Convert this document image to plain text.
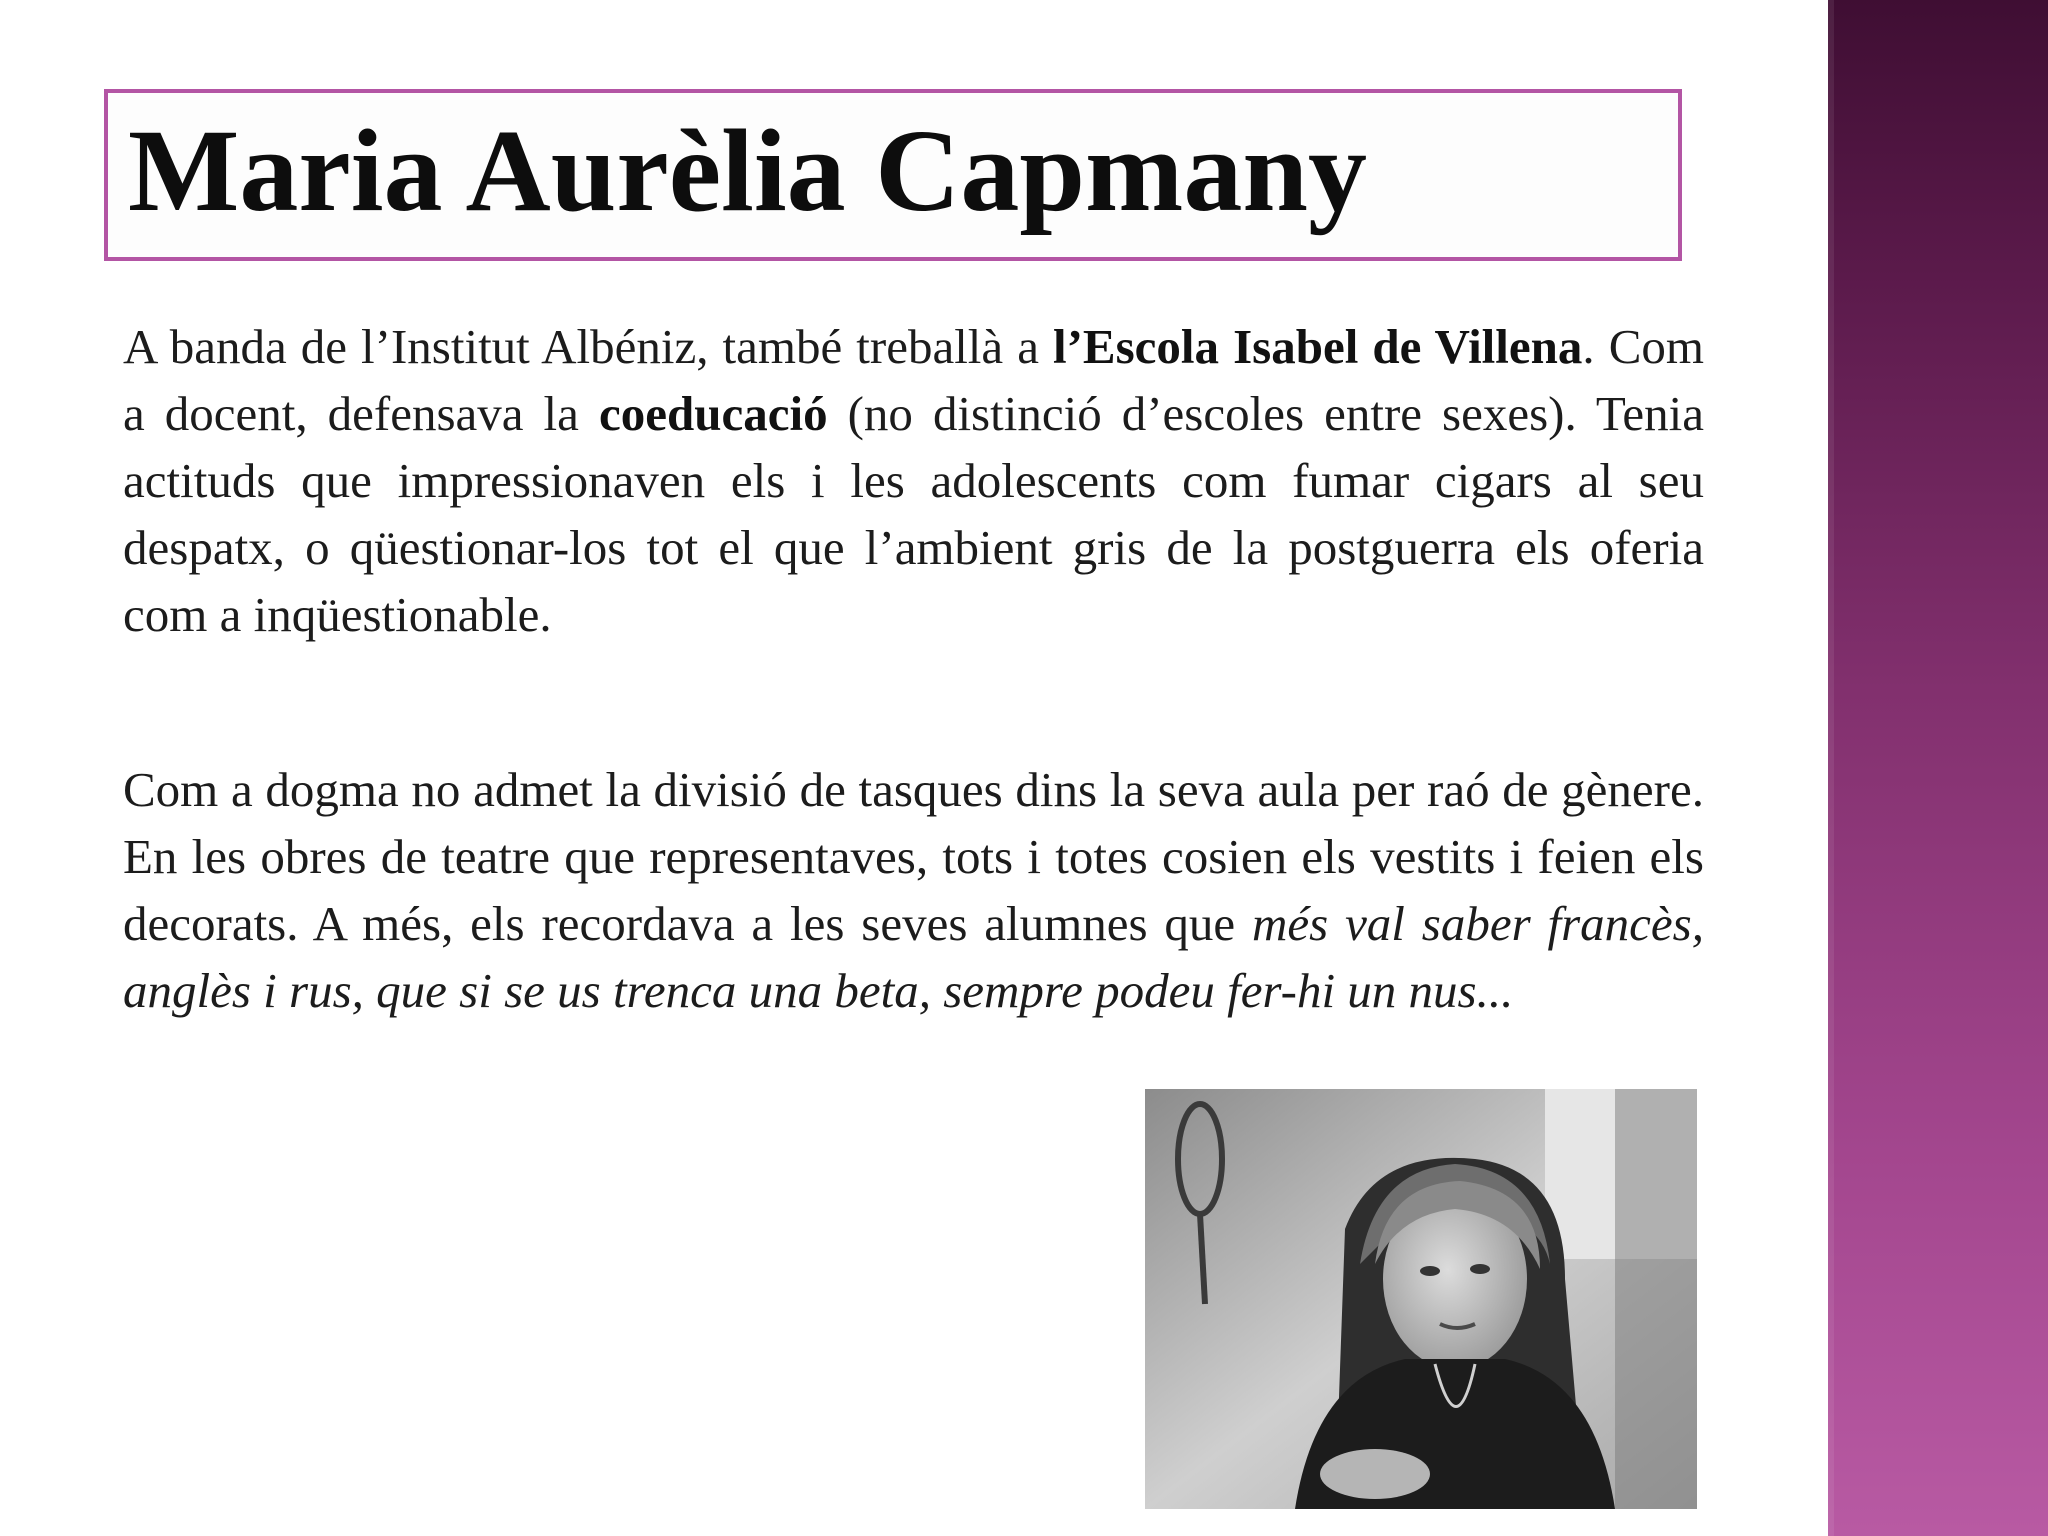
Maria Aurèlia Capmany

A banda de l’Institut Albéniz, també treballà a l’Escola Isabel de Villena. Com a docent, defensava la coeducació (no distinció d’escoles entre sexes). Tenia actituds que impressionaven els i les adolescents com fumar cigars al seu despatx, o qüestionar-los tot el que l’ambient gris de la postguerra els oferia com a inqüestionable.

Com a dogma no admet la divisió de tasques dins la seva aula per raó de gènere. En les obres de teatre que representaves, tots i totes cosien els vestits i feien els decorats. A més, els recordava a les seves alumnes que més val saber francès, anglès i rus, que si se us trenca una beta, sempre podeu fer-hi un nus...
